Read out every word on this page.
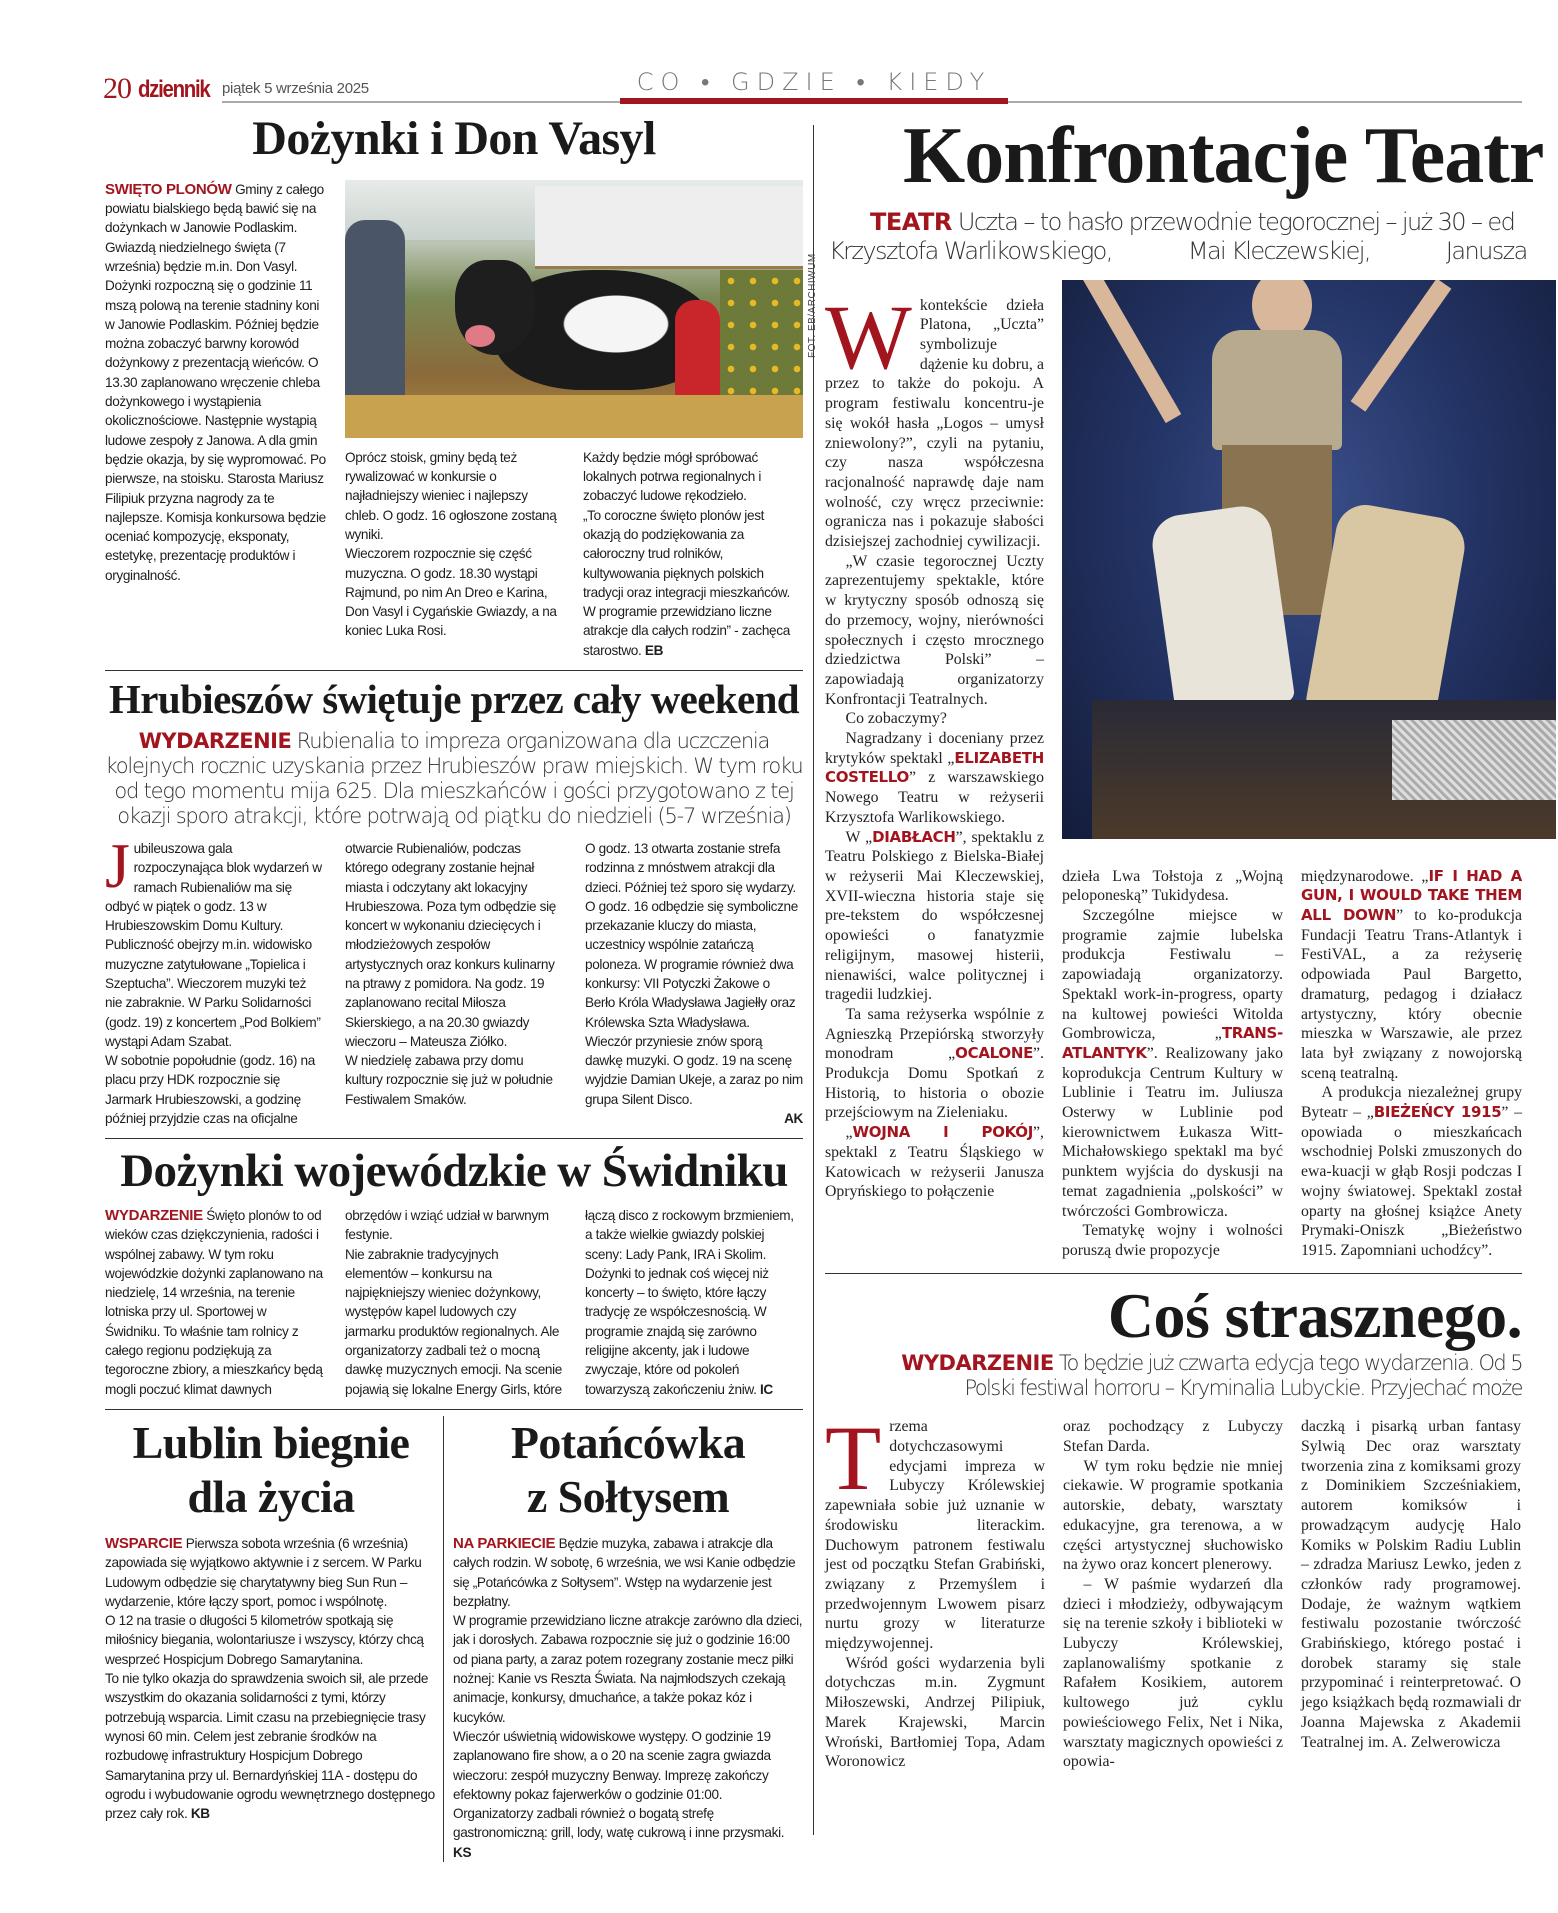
20 dziennik piątek 5 września 2025	CO • GDZIE • KIEDY
Dożynki i Don Vasyl

SWIĘTO PLONÓW Gminy z całego powiatu bialskiego będą bawić się na dożynkach w Janowie Podlaskim. Gwiazdą niedzielnego święta (7 września) będzie m.in. Don Vasyl.

Dożynki rozpoczną się o godzinie 11 mszą polową na terenie stadniny koni w Janowie Podlaskim. Później będzie można zobaczyć barwny korowód dożynkowy z prezentacją wieńców. O 13.30 zaplanowano wręczenie chleba dożynkowego i wystąpienia okolicznościowe. Następnie wystąpią ludowe zespoły z Janowa. A dla gmin będzie okazja, by się wypromować. Po pierwsze, na stoisku. Starosta Mariusz Filipiuk przyzna nagrody za te najlepsze. Komisja konkursowa będzie oceniać kompozycję, eksponaty, estetykę, prezentację produktów i oryginalność.

FOT. EB/ARCHIWUM

Oprócz stoisk, gminy będą też rywalizować w konkursie o najładniejszy wieniec i najlepszy chleb. O godz. 16 ogłoszone zostaną wyniki.

Wieczorem rozpocznie się część muzyczna. O godz. 18.30 wystąpi Rajmund, po nim An Dreo e Karina, Don Vasyl i Cygańskie Gwiazdy, a na koniec Luka Rosi.

Każdy będzie mógł spróbować lokalnych potrwa regionalnych i zobaczyć ludowe rękodzieło.

„To coroczne święto plonów jest okazją do podziękowania za całoroczny trud rolników, kultywowania pięknych polskich tradycji oraz integracji mieszkańców. W programie przewidziano liczne atrakcje dla całych rodzin” - zachęca starostwo. EB

Hrubieszów świętuje przez cały weekend

WYDARZENIE Rubienalia to impreza organizowana dla uczczenia kolejnych rocznic uzyskania przez Hrubieszów praw miejskich. W tym roku od tego momentu mija 625. Dla mieszkańców i gości przygotowano z tej okazji sporo atrakcji, które potrwają od piątku do niedzieli (5-7 września)

Jubileuszowa gala rozpoczynająca blok wydarzeń w ramach Rubienaliów ma się odbyć w piątek o godz. 13 w Hrubieszowskim Domu Kultury. Publiczność obejrzy m.in. widowisko muzyczne zatytułowane „Topielica i Szeptucha”. Wieczorem muzyki też nie zabraknie. W Parku Solidarności (godz. 19) z koncertem „Pod Bolkiem” wystąpi Adam Szabat.

W sobotnie popołudnie (godz. 16) na placu przy HDK rozpocznie się Jarmark Hrubieszowski, a godzinę później przyjdzie czas na oficjalne otwarcie Rubienaliów, podczas którego odegrany zostanie hejnał miasta i odczytany akt lokacyjny Hrubieszowa. Poza tym odbędzie się koncert w wykonaniu dziecięcych i młodzieżowych zespołów artystycznych oraz konkurs kulinarny na ptrawy z pomidora. Na godz. 19 zaplanowano recital Miłosza Skierskiego, a na 20.30 gwiazdy wieczoru – Mateusza Ziółko.

W niedzielę zabawa przy domu kultury rozpocznie się już w południe Festiwalem Smaków.

O godz. 13 otwarta zostanie strefa rodzinna z mnóstwem atrakcji dla dzieci. Później też sporo się wydarzy. O godz. 16 odbędzie się symboliczne przekazanie kluczy do miasta, uczestnicy wspólnie zatańczą poloneza. W programie również dwa konkursy: VII Potyczki Żakowe o Berło Króla Władysława Jagiełły oraz Królewska Szta Władysława.

Wieczór przyniesie znów sporą dawkę muzyki. O godz. 19 na scenę wyjdzie Damian Ukeje, a zaraz po nim grupa Silent Disco.
AK

Dożynki wojewódzkie w Świdniku

WYDARZENIE Święto plonów to od wieków czas dziękczynienia, radości i wspólnej zabawy. W tym roku wojewódzkie dożynki zaplanowano na niedzielę, 14 września, na terenie lotniska przy ul. Sportowej w Świdniku. To właśnie tam rolnicy z całego regionu podziękują za tegoroczne zbiory, a mieszkańcy będą mogli poczuć klimat dawnych obrzędów i wziąć udział w barwnym festynie.

Nie zabraknie tradycyjnych elementów – konkursu na najpiękniejszy wieniec dożynkowy, występów kapel ludowych czy jarmarku produktów regionalnych. Ale organizatorzy zadbali też o mocną dawkę muzycznych emocji. Na scenie pojawią się lokalne Energy Girls, które łączą disco z rockowym brzmieniem, a także wielkie gwiazdy polskiej sceny: Lady Pank, IRA i Skolim.

Dożynki to jednak coś więcej niż koncerty – to święto, które łączy tradycję ze współczesnością. W programie znajdą się zarówno religijne akcenty, jak i ludowe zwyczaje, które od pokoleń towarzyszą zakończeniu żniw. IC

Lublin biegnie
dla życia

WSPARCIE Pierwsza sobota września (6 września) zapowiada się wyjątkowo aktywnie i z sercem. W Parku Ludowym odbędzie się charytatywny bieg Sun Run – wydarzenie, które łączy sport, pomoc i wspólnotę.

O 12 na trasie o długości 5 kilometrów spotkają się miłośnicy biegania, wolontariusze i wszyscy, którzy chcą wesprzeć Hospicjum Dobrego Samarytanina.

To nie tylko okazja do sprawdzenia swoich sił, ale przede wszystkim do okazania solidarności z tymi, którzy potrzebują wsparcia. Limit czasu na przebiegnięcie trasy wynosi 60 min. Celem jest zebranie środków na rozbudowę infrastruktury Hospicjum Dobrego Samarytanina przy ul. Bernardyńskiej 11A - dostępu do ogrodu i wybudowanie ogrodu wewnętrznego dostępnego przez cały rok. KB

Potańcówka
z Sołtysem

NA PARKIECIE Będzie muzyka, zabawa i atrakcje dla całych rodzin. W sobotę, 6 września, we wsi Kanie odbędzie się „Potańcówka z Sołtysem”. Wstęp na wydarzenie jest bezpłatny.

W programie przewidziano liczne atrakcje zarówno dla dzieci, jak i dorosłych. Zabawa rozpocznie się już o godzinie 16:00 od piana party, a zaraz potem rozegrany zostanie mecz piłki nożnej: Kanie vs Reszta Świata. Na najmłodszych czekają animacje, konkursy, dmuchańce, a także pokaz kóz i kucyków.

Wieczór uświetnią widowiskowe występy. O godzinie 19 zaplanowano fire show, a o 20 na scenie zagra gwiazda wieczoru: zespół muzyczny Benway. Imprezę zakończy efektowny pokaz fajerwerków o godzinie 01:00.

Organizatorzy zadbali również o bogatą strefę gastronomiczną: grill, lody, watę cukrową i inne przysmaki. KS

Konfrontacje Teatr

TEATR Uczta – to hasło przewodnie tegorocznej – już 30 – ed

Krzysztofa Warlikowskiego,	Mai Kleczewskiej,	Janusza

W kontekście dzieła Platona, „Uczta” symbolizuje dążenie ku dobru, a przez to także do pokoju. A program festiwalu koncentru-je się wokół hasła „Logos – umysł zniewolony?”, czyli na pytaniu, czy nasza współczesna racjonalność naprawdę daje nam wolność, czy wręcz przeciwnie: ogranicza nas i pokazuje słabości dzisiejszej zachodniej cywilizacji.

„W czasie tegorocznej Uczty zaprezentujemy spektakle, które w krytyczny sposób odnoszą się do przemocy, wojny, nierówności społecznych i często mrocznego dziedzictwa Polski” – zapowiadają organizatorzy Konfrontacji Teatralnych.

Co zobaczymy?

Nagradzany i doceniany przez krytyków spektakl „ELIZABETH COSTELLO” z warszawskiego Nowego Teatru w reżyserii Krzysztofa Warlikowskiego.

W „DIABŁACH”, spektaklu z Teatru Polskiego z Bielska-Białej w reżyserii Mai Kleczewskiej, XVII-wieczna historia staje się pre-tekstem do współczesnej opowieści o fanatyzmie religijnym, masowej histerii, nienawiści, walce politycznej i tragedii ludzkiej.

Ta sama reżyserka wspólnie z Agnieszką Przepiórską stworzyły monodram „OCALONE”. Produkcja Domu Spotkań z Historią, to historia o obozie przejściowym na Zieleniaku.

„WOJNA I POKÓJ”, spektakl z Teatru Śląskiego w Katowicach w reżyserii Janusza Opryńskiego to połączenie

dzieła Lwa Tołstoja z „Wojną peloponeską” Tukidydesa.

Szczególne miejsce w programie zajmie lubelska produkcja Festiwalu – zapowiadają organizatorzy. Spektakl work-in-progress, oparty na kultowej powieści Witolda Gombrowicza, „TRANS-ATLANTYK”. Realizowany jako koprodukcja Centrum Kultury w Lublinie i Teatru im. Juliusza Osterwy w Lublinie pod kierownictwem Łukasza Witt-Michałowskiego spektakl ma być punktem wyjścia do dyskusji na temat zagadnienia „polskości” w twórczości Gombrowicza.

Tematykę wojny i wolności poruszą dwie propozycje

międzynarodowe. „IF I HAD A GUN, I WOULD TAKE THEM ALL DOWN” to ko-produkcja Fundacji Teatru Trans-Atlantyk i FestiVAL, a za reżyserię odpowiada Paul Bargetto, dramaturg, pedagog i działacz artystyczny, który obecnie mieszka w Warszawie, ale przez lata był związany z nowojorską sceną teatralną.

A produkcja niezależnej grupy Byteatr – „BIEŻEŃCY 1915” – opowiada o mieszkańcach wschodniej Polski zmuszonych do ewa-kuacji w głąb Rosji podczas I wojny światowej. Spektakl został oparty na głośnej książce Anety Prymaki-Oniszk „Bieżeństwo 1915. Zapomniani uchodźcy”.

Coś strasznego.

WYDARZENIE To będzie już czwarta edycja tego wydarzenia. Od 5

Polski festiwal horroru – Kryminalia Lubyckie. Przyjechać może

Trzema dotychczasowymi edycjami impreza w Lubyczy Królewskiej zapewniała sobie już uznanie w środowisku literackim. Duchowym patronem festiwalu jest od początku Stefan Grabiński, związany z Przemyślem i przedwojennym Lwowem pisarz nurtu grozy w literaturze międzywojennej.

Wśród gości wydarzenia byli dotychczas m.in. Zygmunt Miłoszewski, Andrzej Pilipiuk, Marek Krajewski, Marcin Wroński, Bartłomiej Topa, Adam Woronowicz

oraz pochodzący z Lubyczy Stefan Darda.

W tym roku będzie nie mniej ciekawie. W programie spotkania autorskie, debaty, warsztaty edukacyjne, gra terenowa, a w części artystycznej słuchowisko na żywo oraz koncert plenerowy.

– W paśmie wydarzeń dla dzieci i młodzieży, odbywającym się na terenie szkoły i biblioteki w Lubyczy Królewskiej, zaplanowaliśmy spotkanie z Rafałem Kosikiem, autorem kultowego już cyklu powieściowego Felix, Net i Nika, warsztaty magicznych opowieści z opowia-

daczką i pisarką urban fantasy Sylwią Dec oraz warsztaty tworzenia zina z komiksami grozy z Dominikiem Szcześniakiem, autorem komiksów i prowadzącym audycję Halo Komiks w Polskim Radiu Lublin – zdradza Mariusz Lewko, jeden z członków rady programowej. Dodaje, że ważnym wątkiem festiwalu pozostanie twórczość Grabińskiego, którego postać i dorobek staramy się stale przypominać i reinterpretować. O jego książkach będą rozmawiali dr Joanna Majewska z Akademii Teatralnej im. A. Zelwerowicza
